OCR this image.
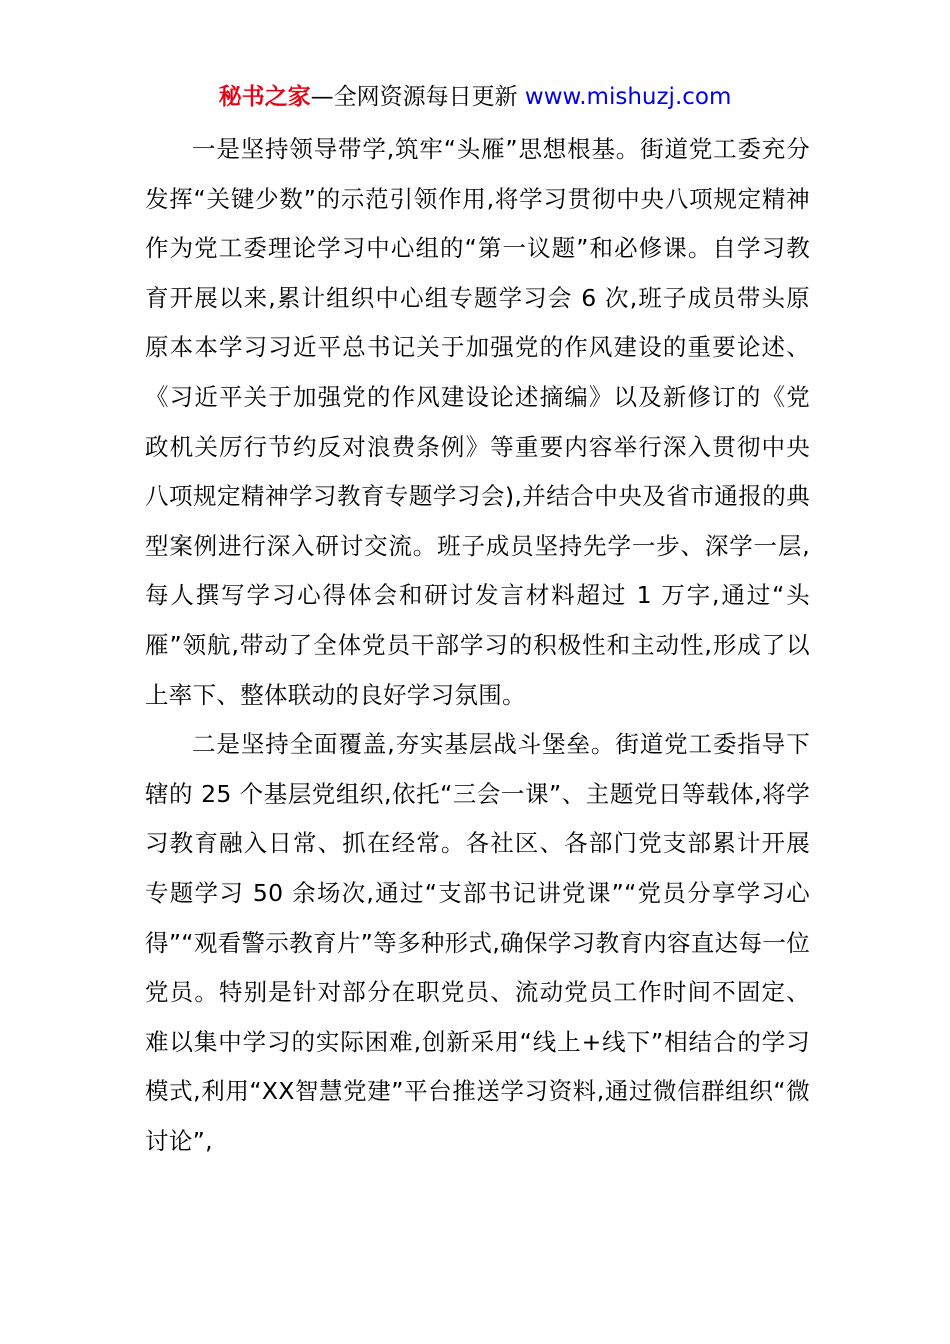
秘书之家—全网资源每日更新 www.mishuzj.com

一是坚持领导带学,筑牢“头雁”思想根基。街道党工委充分发挥“关键少数”的示范引领作用,将学习贯彻中央八项规定精神作为党工委理论学习中心组的“第一议题”和必修课。自学习教育开展以来,累计组织中心组专题学习会 6 次,班子成员带头原原本本学习习近平总书记关于加强党的作风建设的重要论述、《习近平关于加强党的作风建设论述摘编》以及新修订的《党政机关厉行节约反对浪费条例》等重要内容举行深入贯彻中央八项规定精神学习教育专题学习会),并结合中央及省市通报的典型案例进行深入研讨交流。班子成员坚持先学一步、深学一层,每人撰写学习心得体会和研讨发言材料超过 1 万字,通过“头雁”领航,带动了全体党员干部学习的积极性和主动性,形成了以上率下、整体联动的良好学习氛围。

二是坚持全面覆盖,夯实基层战斗堡垒。街道党工委指导下辖的 25 个基层党组织,依托“三会一课”、主题党日等载体,将学习教育融入日常、抓在经常。各社区、各部门党支部累计开展专题学习 50 余场次,通过“支部书记讲党课”“党员分享学习心得”“观看警示教育片”等多种形式,确保学习教育内容直达每一位党员。特别是针对部分在职党员、流动党员工作时间不固定、难以集中学习的实际困难,创新采用“线上+线下”相结合的学习模式,利用“XX智慧党建”平台推送学习资料,通过微信群组织“微讨论”,
